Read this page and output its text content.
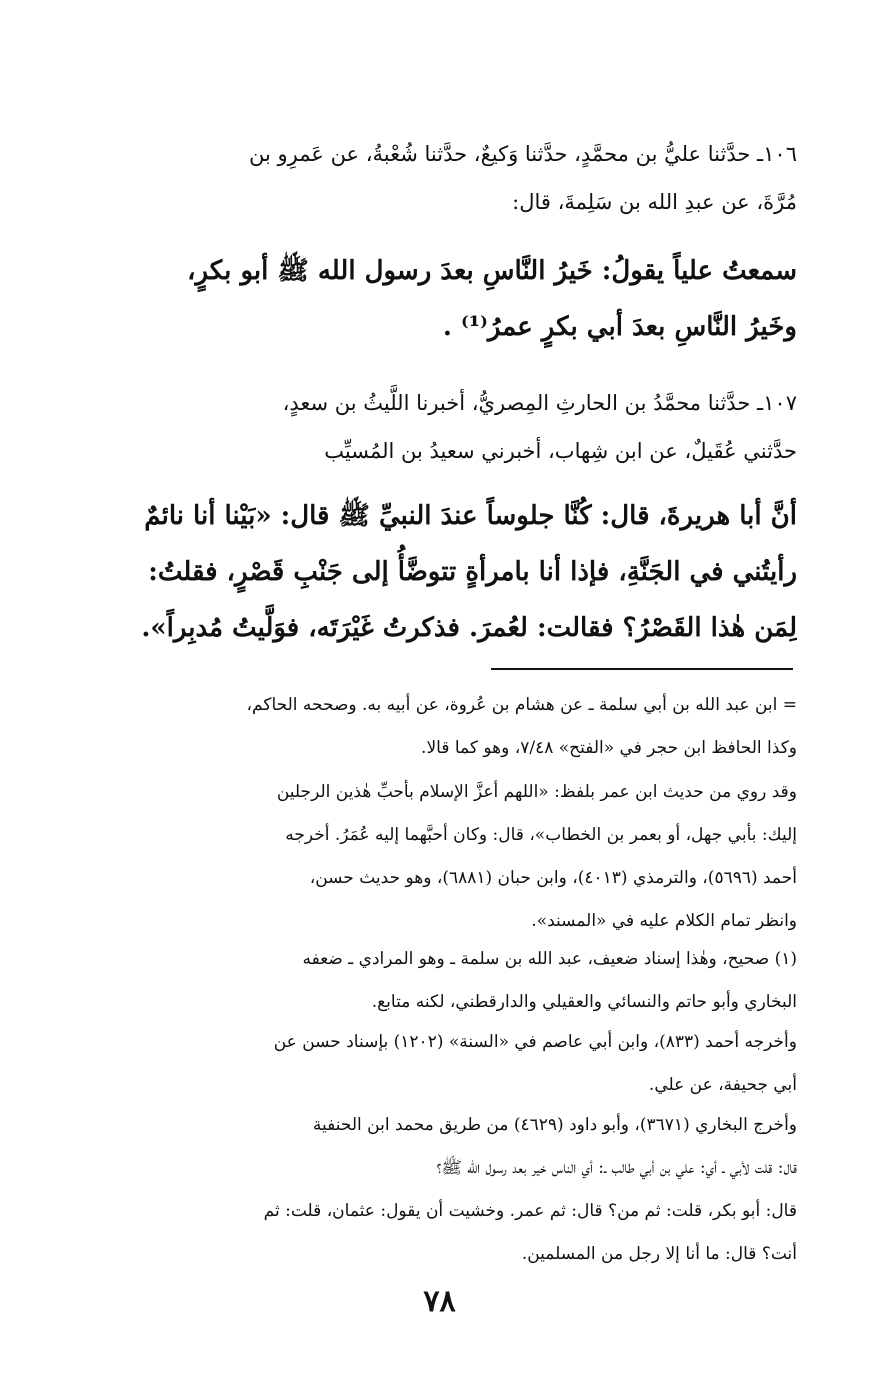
١٠٦ـ حدَّثنا عليُّ بن محمَّدٍ، حدَّثنا وَكيعٌ، حدَّثنا شُعْبةُ، عن عَمرِو بن
مُرَّةَ، عن عبدِ الله بن سَلِمةَ، قال:
سمعتُ علياً يقولُ: خَيرُ النَّاسِ بعدَ رسول الله ﷺ أبو بكرٍ،
وخَيرُ النَّاسِ بعدَ أبي بكرٍ عمرُ⁽¹⁾ .
١٠٧ـ حدَّثنا محمَّدُ بن الحارثِ المِصريُّ، أخبرنا اللَّيثُ بن سعدٍ،
حدَّثني عُقَيلٌ، عن ابن شِهاب، أخبرني سعيدُ بن المُسيِّب
أنَّ أبا هريرةَ، قال: كُنَّا جلوساً عندَ النبيِّ ﷺ قال: «بَيْنا أنا نائمٌ
رأيتُني في الجَنَّةِ، فإذا أنا بامرأةٍ تتوضَّأُ إلى جَنْبِ قَصْرٍ، فقلتُ:
لِمَن هٰذا القَصْرُ؟ فقالت: لعُمرَ. فذكرتُ غَيْرَتَه، فوَلَّيتُ مُدبِراً».
= ابن عبد الله بن أبي سلمة ـ عن هشام بن عُروة، عن أبيه به. وصححه الحاكم،
وكذا الحافظ ابن حجر في «الفتح» ٧/٤٨، وهو كما قالا.
وقد روي من حديث ابن عمر بلفظ: «اللهم أعزَّ الإسلام بأحبِّ هٰذين الرجلين
إليك: بأبي جهل، أو بعمر بن الخطاب»، قال: وكان أحبَّهما إليه عُمَرُ. أخرجه
أحمد (٥٦٩٦)، والترمذي (٤٠١٣)، وابن حبان (٦٨٨١)، وهو حديث حسن،
وانظر تمام الكلام عليه في «المسند».
(١) صحيح، وهٰذا إسناد ضعيف، عبد الله بن سلمة ـ وهو المرادي ـ ضعفه
البخاري وأبو حاتم والنسائي والعقيلي والدارقطني، لكنه متابع.
وأخرجه أحمد (٨٣٣)، وابن أبي عاصم في «السنة» (١٢٠٢) بإسناد حسن عن
أبي جحيفة، عن علي.
وأخرج البخاري (٣٦٧١)، وأبو داود (٤٦٢٩) من طريق محمد ابن الحنفية
قال: قلت لأبي ـ أي: علي بن أبي طالب ـ: أي الناس خير بعد رسول الله ﷺ؟
قال: أبو بكر، قلت: ثم من؟ قال: ثم عمر. وخشيت أن يقول: عثمان، قلت: ثم
أنت؟ قال: ما أنا إلا رجل من المسلمين.
٧٨
